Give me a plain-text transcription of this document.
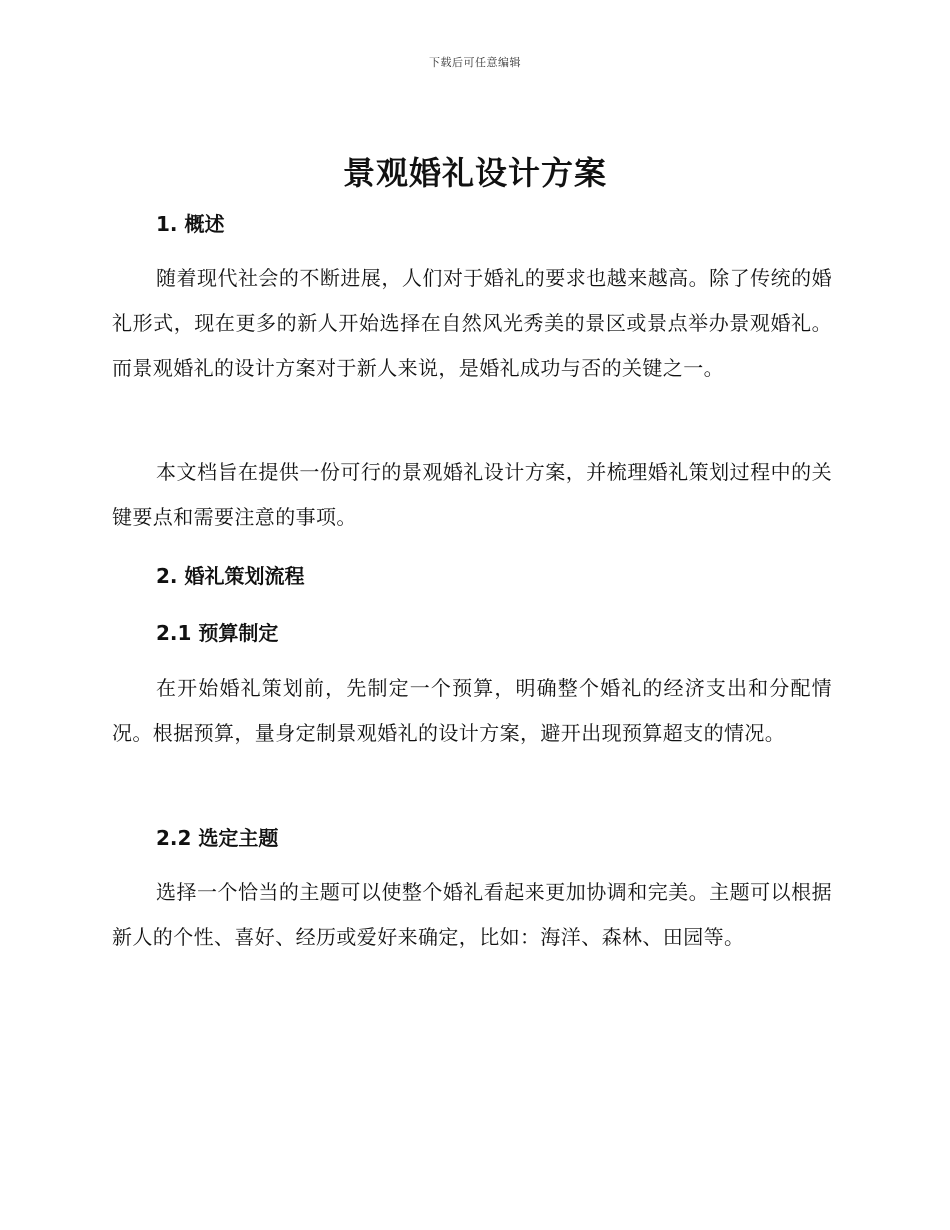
下载后可任意编辑
景观婚礼设计方案
1. 概述

随着现代社会的不断进展，人们对于婚礼的要求也越来越高。除了传统的婚礼形式，现在更多的新人开始选择在自然风光秀美的景区或景点举办景观婚礼。而景观婚礼的设计方案对于新人来说，是婚礼成功与否的关键之一。

本文档旨在提供一份可行的景观婚礼设计方案，并梳理婚礼策划过程中的关键要点和需要注意的事项。

2. 婚礼策划流程
2.1 预算制定

在开始婚礼策划前，先制定一个预算，明确整个婚礼的经济支出和分配情况。根据预算，量身定制景观婚礼的设计方案，避开出现预算超支的情况。

2.2 选定主题

选择一个恰当的主题可以使整个婚礼看起来更加协调和完美。主题可以根据新人的个性、喜好、经历或爱好来确定，比如：海洋、森林、田园等。
